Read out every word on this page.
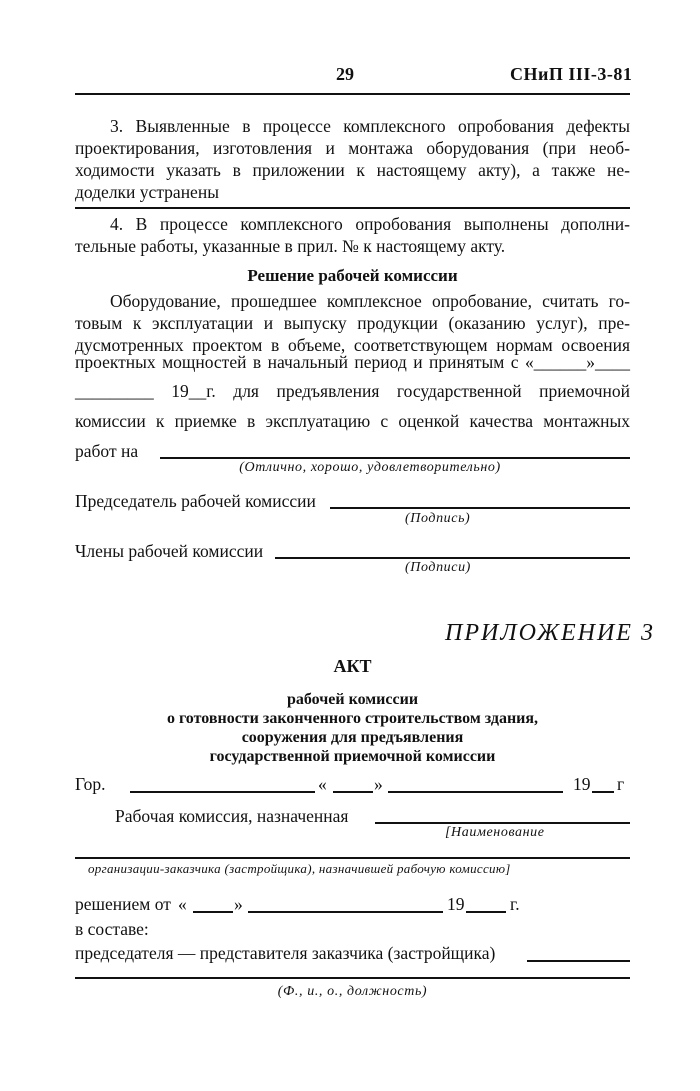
29	СНиП III-3-81
3. Выявленные в процессе комплексного опробования дефекты
проектирования, изготовления и монтажа оборудования (при необ-
ходимости указать в приложении к настоящему акту), а также не-
доделки устранены
4. В процессе комплексного опробования выполнены дополни-
тельные работы, указанные в прил. № к настоящему акту.
Решение рабочей комиссии
Оборудование, прошедшее комплексное опробование, считать го-
товым к эксплуатации и выпуску продукции (оказанию услуг), пре-
дусмотренных проектом в объеме, соответствующем нормам освоения
проектных мощностей в начальный период и принятым с «______»____
_________ 19__г. для предъявления государственной приемочной
комиссии к приемке в эксплуатацию с оценкой качества монтажных
работ на
(Отлично, хорошо, удовлетворительно)
Председатель рабочей комиссии
(Подпись)
Члены рабочей комиссии
(Подписи)
ПРИЛОЖЕНИЕ 3
АКТ
рабочей комиссии
о готовности законченного строительством здания,
сооружения для предъявления
государственной приемочной комиссии
Гор.	«	»	19 г
Рабочая комиссия, назначенная
[Наименование
организации-заказчика (застройщика), назначившей рабочую комиссию]
решением от «	»	19	г.
в составе:
председателя — представителя заказчика (застройщика)
(Ф., и., о., должность)
